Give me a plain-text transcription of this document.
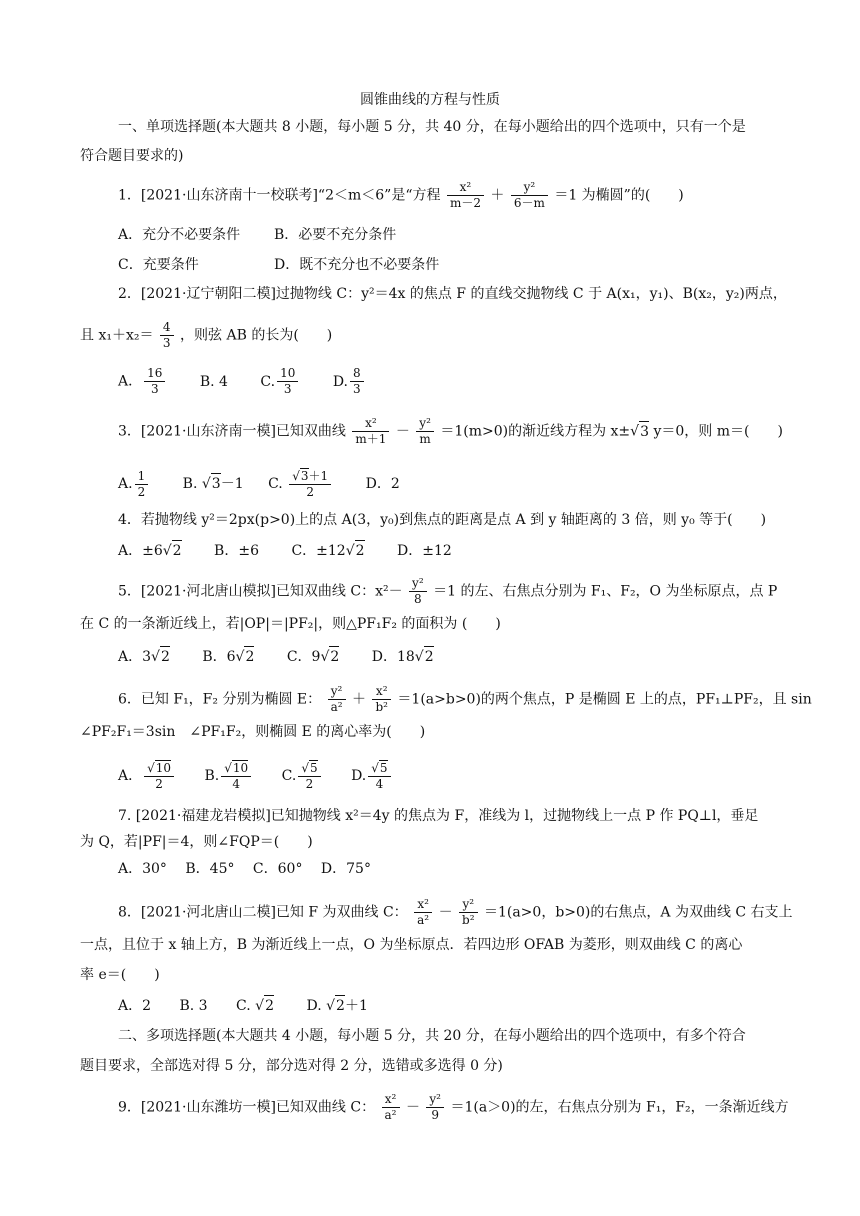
圆锥曲线的方程与性质
一、单项选择题(本大题共 8 小题，每小题 5 分，共 40 分，在每小题给出的四个选项中，只有一个是
符合题目要求的)
1．[2021·山东济南十一校联考]“2＜m＜6”是“方程 $\frac{\text{x²}}{m-2} + \frac{\text{y²}}{6-m} =1$ 为椭圆”的(　　)
A．充分不必要条件 B．必要不充分条件
C．充要条件	D．既不充分也不必要条件
2．[2021·辽宁朝阳二模]过抛物线 C：y²＝4x 的焦点 F 的直线交抛物线 C 于 A(x₁，y₁)、B(x₂，y₂)两点，
且 $x_1+x_2= \frac{4}{3}$ ，则弦 AB 的长为(　　)
A． $\frac{16}{3} B$. 4 C. $\frac{10}{3} D$. $\frac{8}{3}$
3．[2021·山东济南一模]已知双曲线 $\frac{\text{x²}}{m+1} - \frac{\text{y²}}{m} =1(m>0)$的渐近线方程为 x±√3 y＝0，则 m＝(　　)
A. $\frac{1}{2} B$. √3－1 C. $\frac{√3+1}{2}$ D．2
4．若抛物线 y²＝2px(p>0)上的点 A(3，y₀)到焦点的距离是点 A 到 y 轴距离的 3 倍，则 y₀ 等于(　　)
A．±6√2 B．±6 C．±12√2 D．±12
5．[2021·河北唐山模拟]已知双曲线 C：$x^2- \frac{\text{y²}}{8} =1$ 的左、右焦点分别为 F₁、F₂，O 为坐标原点，点 P
在 C 的一条渐近线上，若|OP|＝|PF₂|，则△PF₁F₂ 的面积为 (　　)
A．3√2 B．6√2 C．9√2 D．18√2
6．已知 F₁，F₂ 分别为椭圆 E： $\frac{\text{y²}}{\text{a²}} + \frac{\text{x²}}{\text{b²}} =1(a>b>0)$的两个焦点，P 是椭圆 E 上的点，PF₁⊥PF₂，且 sin
∠PF₂F₁＝3sin　∠PF₁F₂，则椭圆 E 的离心率为(　　)
A． $\frac{√10}{2} B$. $\frac{√10}{4} C$. $\frac{√5}{2} D$. $\frac{√5}{4}$
7. [2021·福建龙岩模拟]已知抛物线 x²＝4y 的焦点为 F，准线为 l，过抛物线上一点 P 作 PQ⊥l，垂足
为 Q，若|PF|＝4，则∠FQP＝(　　)
A．30°　 B．45°　 C．60°　 D．75°
8．[2021·河北唐山二模]已知 F 为双曲线 C： $\frac{\text{x²}}{\text{a²}} - \frac{\text{y²}}{\text{b²}} =1(a>0$，b>0)的右焦点，A 为双曲线 C 右支上
一点，且位于 x 轴上方，B 为渐近线上一点，O 为坐标原点．若四边形 OFAB 为菱形，则双曲线 C 的离心
率 e＝(　　)
A．2 B. 3 C. √2 D. √2＋1
二、多项选择题(本大题共 4 小题，每小题 5 分，共 20 分，在每小题给出的四个选项中，有多个符合
题目要求，全部选对得 5 分，部分选对得 2 分，选错或多选得 0 分)
9．[2021·山东潍坊一模]已知双曲线 C： $\frac{\text{x²}}{\text{a²}} - \frac{\text{y²}}{9} =1(a>0)$的左，右焦点分别为 F₁，F₂，一条渐近线方
